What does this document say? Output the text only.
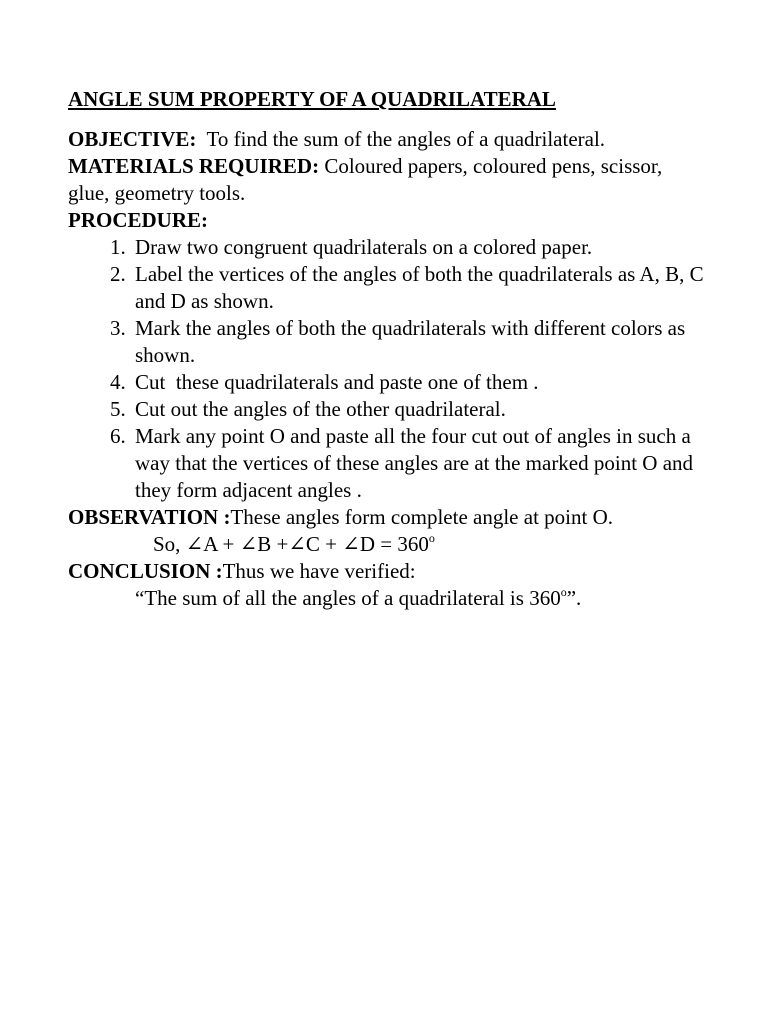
ANGLE SUM PROPERTY OF A QUADRILATERAL

OBJECTIVE:  To find the sum of the angles of a quadrilateral.

MATERIALS REQUIRED: Coloured papers, coloured pens, scissor, glue, geometry tools.

PROCEDURE:

1. Draw two congruent quadrilaterals on a colored paper.
2. Label the vertices of the angles of both the quadrilaterals as A, B, C and D as shown.
3. Mark the angles of both the quadrilaterals with different colors as shown.
4. Cut  these quadrilaterals and paste one of them .
5. Cut out the angles of the other quadrilateral.
6. Mark any point O and paste all the four cut out of angles in such a way that the vertices of these angles are at the marked point O and they form adjacent angles .

OBSERVATION :These angles form complete angle at point O.

So, ∠A + ∠B +∠C + ∠D = $360^o$

CONCLUSION :Thus we have verified:

“The sum of all the angles of a quadrilateral is 360$^o$”.
